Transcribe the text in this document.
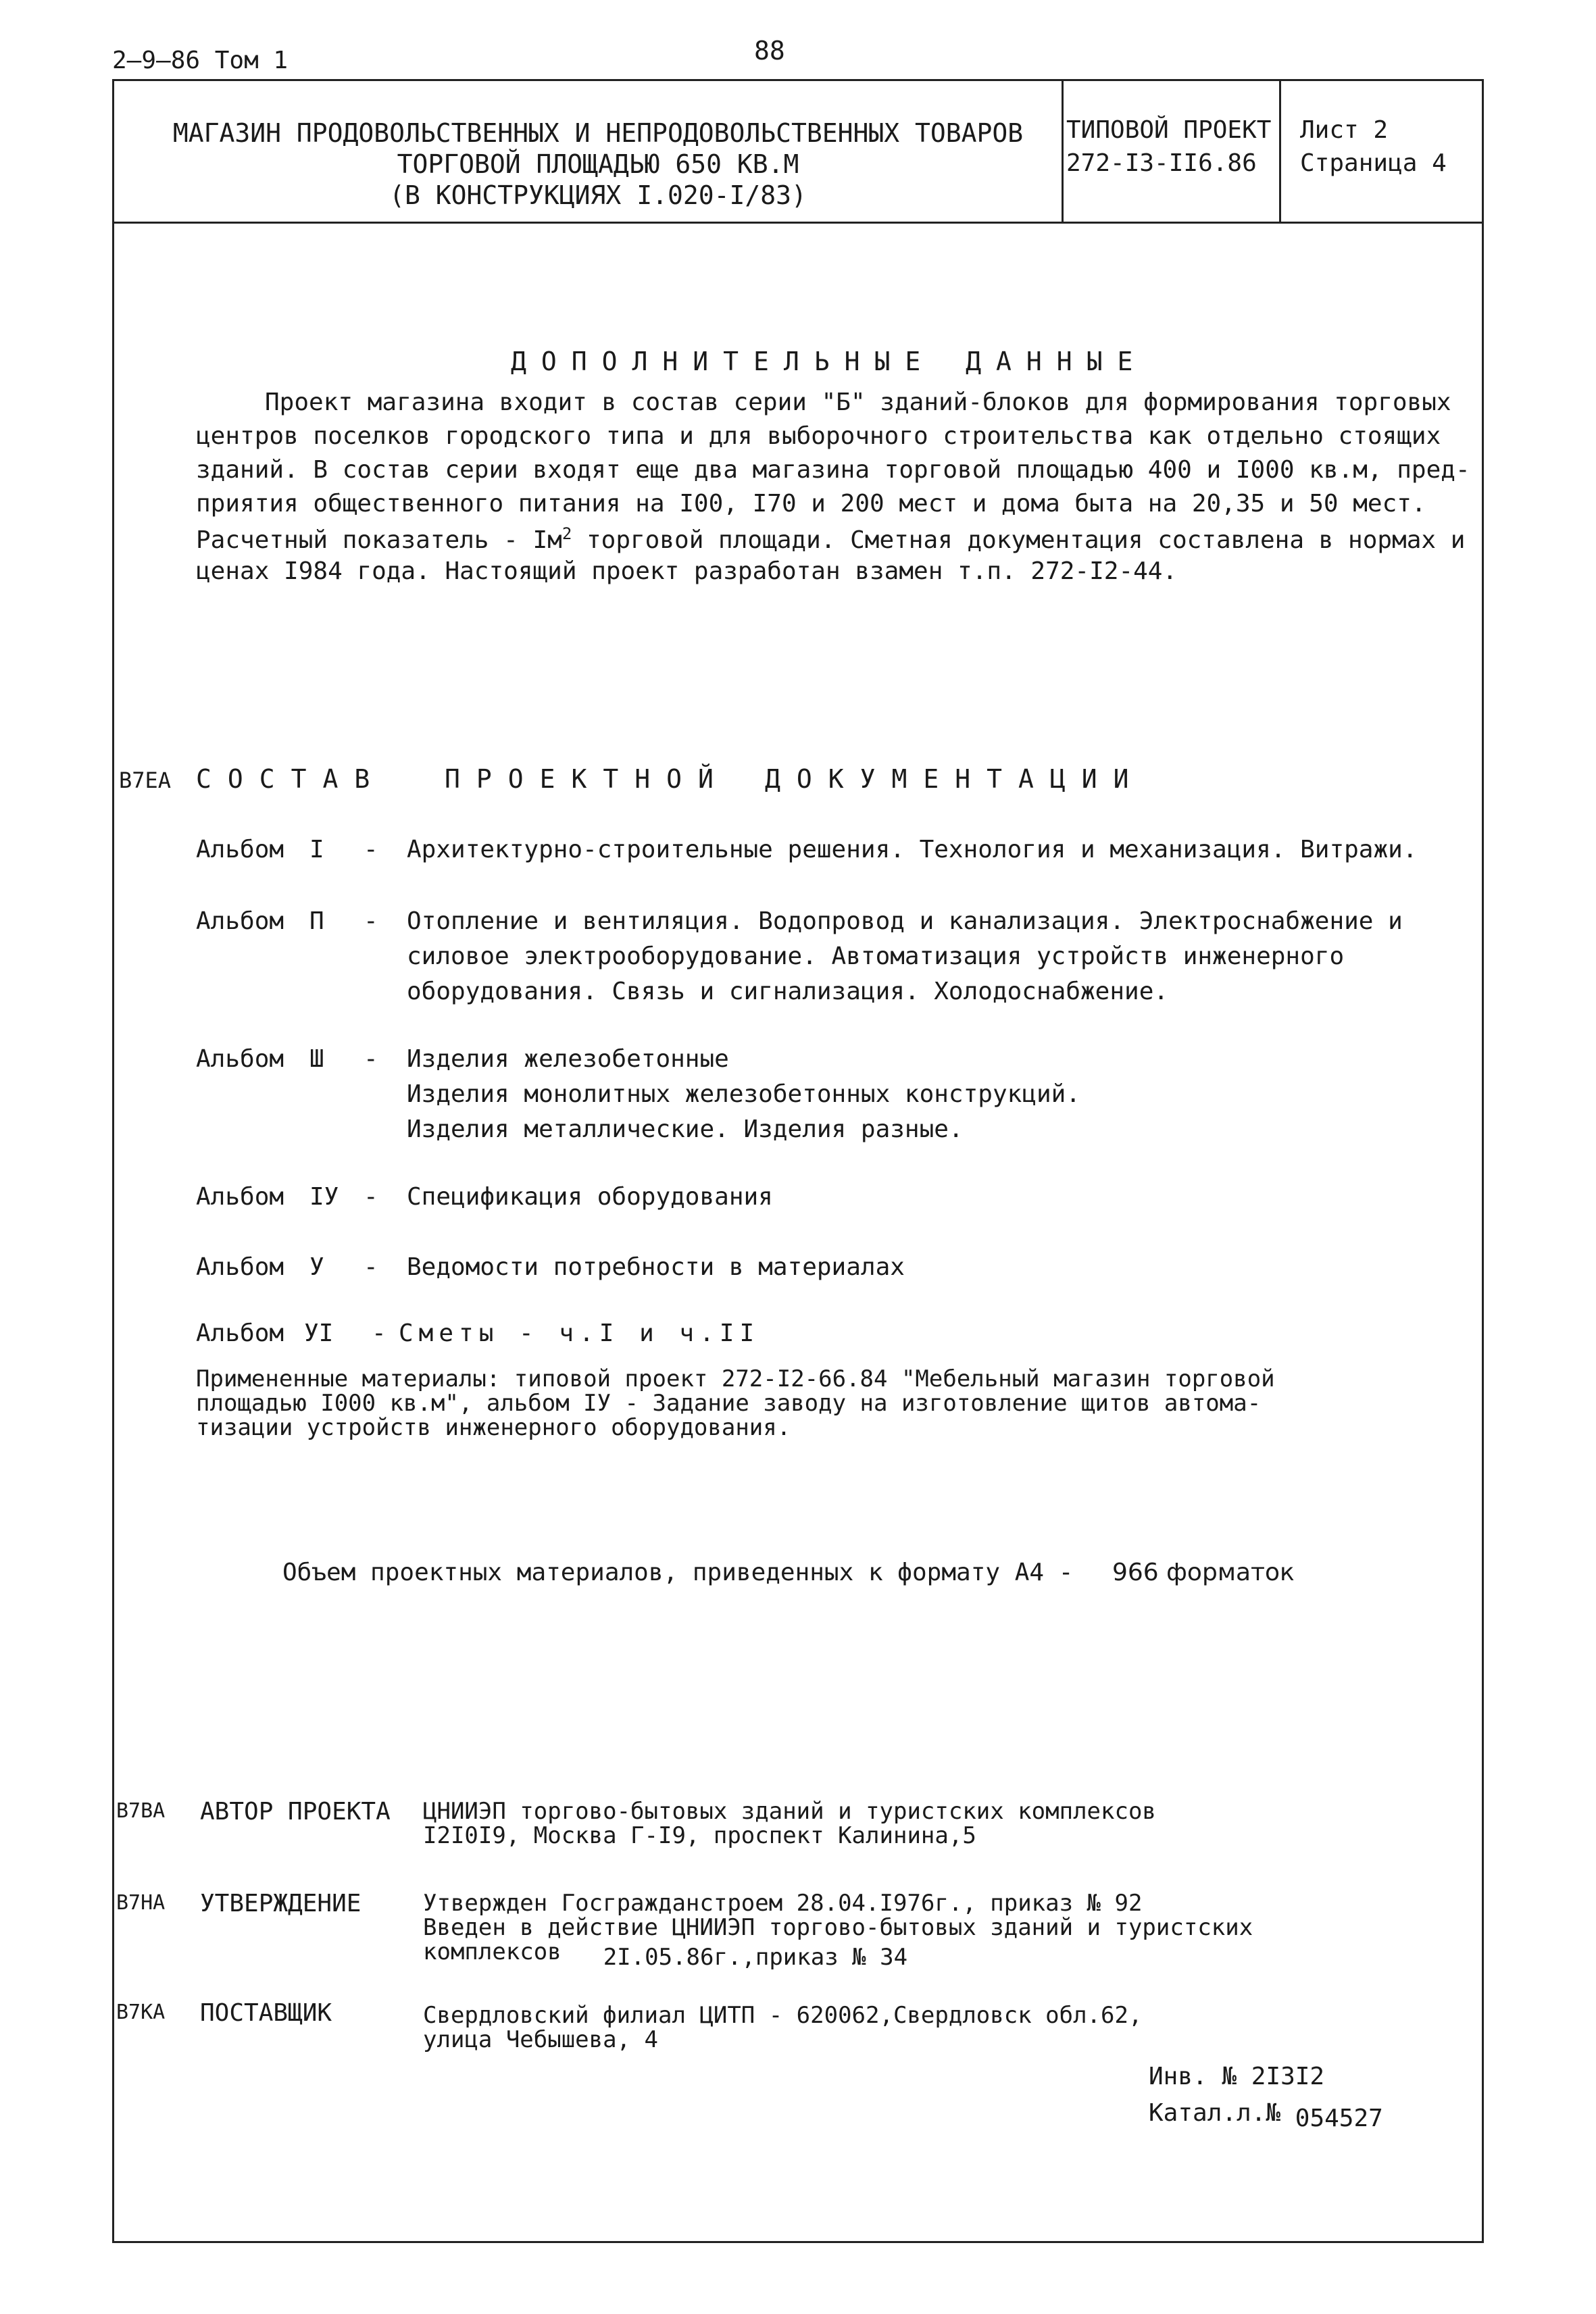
2—9—86 Том 1	88
МАГАЗИН ПРОДОВОЛЬСТВЕННЫХ И НЕПРОДОВОЛЬСТВЕННЫХ ТОВАРОВ
ТОРГОВОЙ ПЛОЩАДЬЮ 650 КВ.М
(В КОНСТРУКЦИЯХ I.020-I/83)
ТИПОВОЙ ПРОЕКТ
272-I3-II6.86
Лист 2
Страница 4
ДОПОЛНИТЕЛЬНЫЕ ДАННЫЕ
Проект магазина входит в состав серии "Б" зданий-блоков для формирования торговых
центров поселков городского типа и для выборочного строительства как отдельно стоящих
зданий. В состав серии входят еще два магазина торговой площадью 400 и I000 кв.м, пред-
приятия общественного питания на I00, I70 и 200 мест и дома быта на 20,35 и 50 мест.
Расчетный показатель - $Iм^2$ торговой площади. Сметная документация составлена в нормах и
ценах I984 года. Настоящий проект разработан взамен т.п. 272-I2-44.
В7ЕА СОСТАВ ПРОЕКТНОЙ ДОКУМЕНТАЦИИ
Альбом I - Архитектурно-строительные решения. Технология и механизация. Витражи.
Альбом П - Отопление и вентиляция. Водопровод и канализация. Электроснабжение и
силовое электрооборудование. Автоматизация устройств инженерного
оборудования. Связь и сигнализация. Холодоснабжение.
Альбом Ш - Изделия железобетонные
Изделия монолитных железобетонных конструкций.
Изделия металлические. Изделия разные.
Альбом IУ - Спецификация оборудования
Альбом У - Ведомости потребности в материалах
Альбом УI - Сметы - ч.I и ч.II
Примененные материалы: типовой проект 272-I2-66.84 "Мебельный магазин торговой
площадью I000 кв.м", альбом IУ - Задание заводу на изготовление щитов автома-
тизации устройств инженерного оборудования.
Объем проектных материалов, приведенных к формату А4 - 966 форматок
В7ВА АВТОР ПРОЕКТА ЦНИИЭП торгово-бытовых зданий и туристских комплексов
I2I0I9, Москва Г-I9, проспект Калинина,5
В7НА УТВЕРЖДЕНИЕ	Утвержден Госгражданстроем 28.04.I976г., приказ № 92
Введен в действие ЦНИИЭП торгово-бытовых зданий и туристских
комплексов 2I.05.86г.,приказ № 34
В7КА ПОСТАВЩИК	Свердловский филиал ЦИТП - 620062,Свердловск обл.62,
улица Чебышева, 4
Инв. № 2I3I2
Катал.л.№ 054527
